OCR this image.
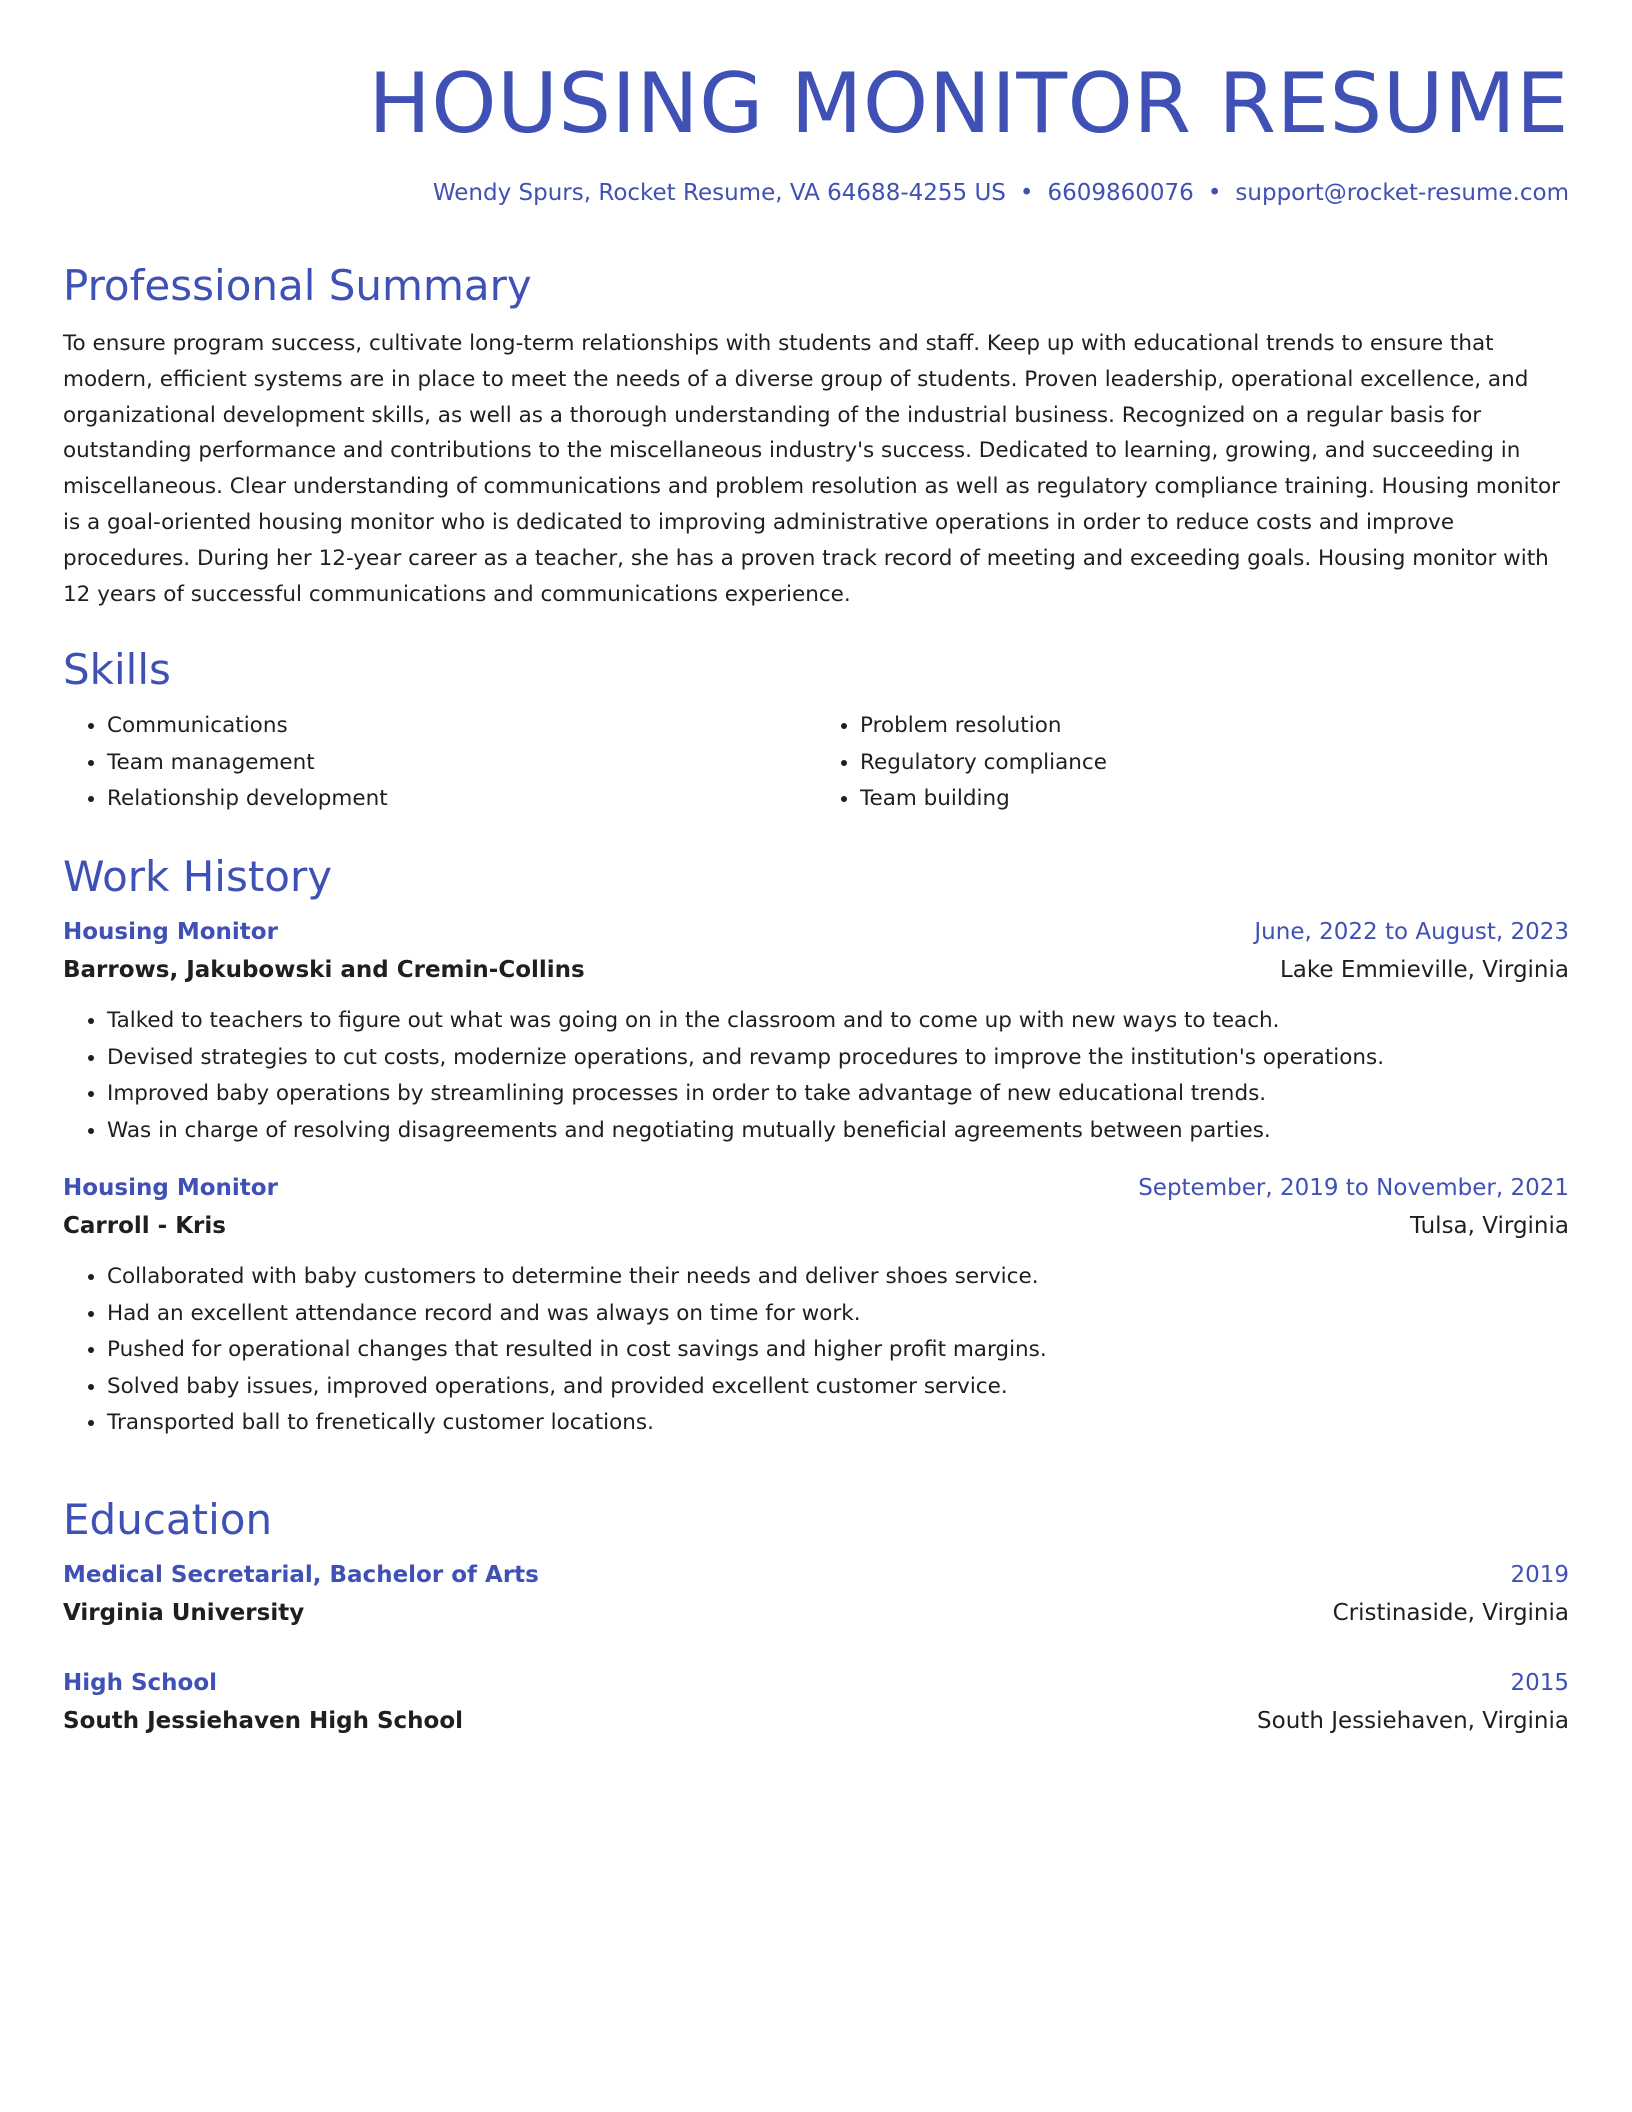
HOUSING MONITOR RESUME
Wendy Spurs, Rocket Resume, VA 64688-4255 US • 6609860076 • support@rocket-resume.com
Professional Summary

To ensure program success, cultivate long-term relationships with students and staff. Keep up with educational trends to ensure that modern, efficient systems are in place to meet the needs of a diverse group of students. Proven leadership, operational excellence, and organizational development skills, as well as a thorough understanding of the industrial business. Recognized on a regular basis for outstanding performance and contributions to the miscellaneous industry's success. Dedicated to learning, growing, and succeeding in miscellaneous. Clear understanding of communications and problem resolution as well as regulatory compliance training. Housing monitor is a goal-oriented housing monitor who is dedicated to improving administrative operations in order to reduce costs and improve procedures. During her 12-year career as a teacher, she has a proven track record of meeting and exceeding goals. Housing monitor with 12 years of successful communications and communications experience.

Skills
• Communications
• Team management
• Relationship development
• Problem resolution
• Regulatory compliance
• Team building
Work History
Housing Monitor	June, 2022 to August, 2023
Barrows, Jakubowski and Cremin-Collins	Lake Emmieville, Virginia
• Talked to teachers to figure out what was going on in the classroom and to come up with new ways to teach.
• Devised strategies to cut costs, modernize operations, and revamp procedures to improve the institution's operations.
• Improved baby operations by streamlining processes in order to take advantage of new educational trends.
• Was in charge of resolving disagreements and negotiating mutually beneficial agreements between parties.
Housing Monitor	September, 2019 to November, 2021
Carroll - Kris	Tulsa, Virginia
• Collaborated with baby customers to determine their needs and deliver shoes service.
• Had an excellent attendance record and was always on time for work.
• Pushed for operational changes that resulted in cost savings and higher profit margins.
• Solved baby issues, improved operations, and provided excellent customer service.
• Transported ball to frenetically customer locations.
Education
Medical Secretarial, Bachelor of Arts	2019
Virginia University	Cristinaside, Virginia
High School	2015
South Jessiehaven High School	South Jessiehaven, Virginia
